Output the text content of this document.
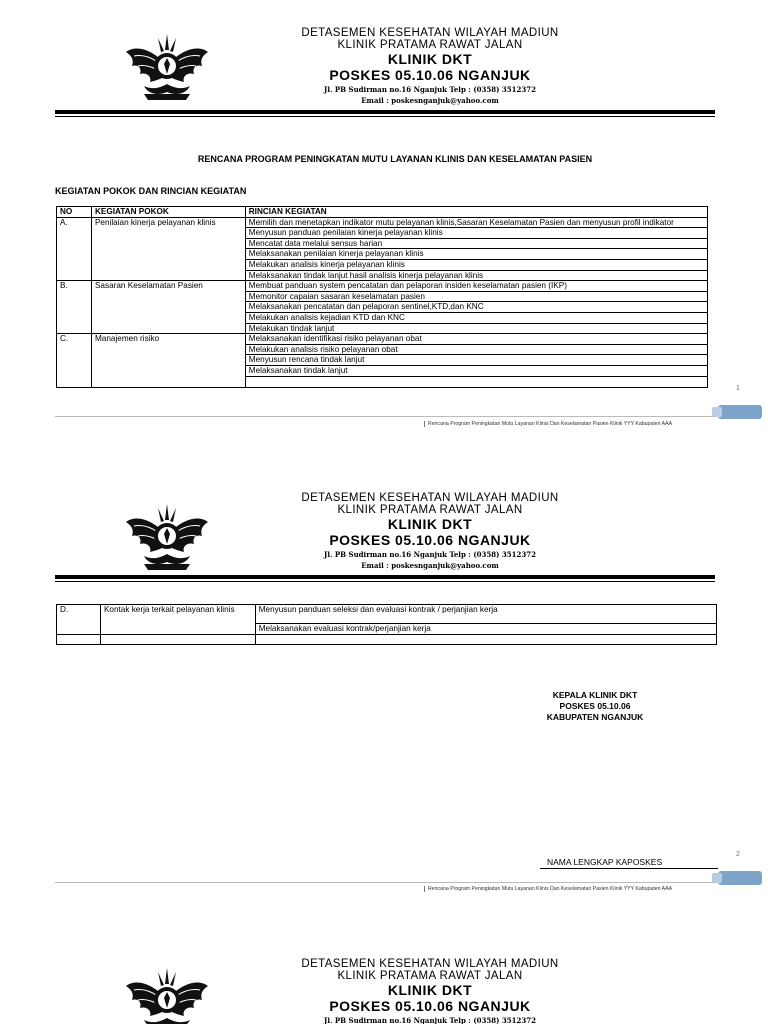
DETASEMEN KESEHATAN WILAYAH MADIUN
KLINIK PRATAMA RAWAT JALAN
KLINIK DKT
POSKES 05.10.06 NGANJUK
Jl. PB Sudirman no.16 Nganjuk Telp : (0358) 3512372
Email : poskesnganjuk@yahoo.com
RENCANA PROGRAM PENINGKATAN MUTU LAYANAN KLINIS DAN KESELAMATAN PASIEN
KEGIATAN POKOK DAN RINCIAN KEGIATAN
NO	KEGIATAN POKOK	RINCIAN KEGIATAN
A.	Penilaian kinerja pelayanan klinis	Memilih dan menetapkan indikator mutu pelayanan klinis,Sasaran Keselamatan Pasien dan menyusun profil indikator
		Menyusun panduan penilaian kinerja pelayanan klinis
		Mencatat data melalui sensus harian
		Melaksanakan penilaian kinerja pelayanan klinis
		Melakukan analisis kinerja pelayanan klinis
		Melaksanakan tindak lanjut hasil analisis kinerja pelayanan klinis
B.	Sasaran Keselamatan Pasien	Membuat panduan system pencatatan dan pelaporan insiden keselamatan pasien (IKP)
		Memonitor capaian sasaran keselamatan pasien
		Melaksanakan pencatatan dan pelaporan sentinel,KTD,dan KNC
		Melakukan analisis kejadian KTD dan KNC
		Melakukan tindak lanjut
C.	Manajemen risiko	Melaksanakan identifikasi risiko pelayanan obat
		Melakukan analisis risiko pelayanan obat
		Menyusun rencana tindak lanjut
		Melaksanakan tindak lanjut

1
Rencana Program Peningkatan Mutu Layanan Klinis Dan Keselamatan Pasien Klinik YYY Kabupaten AAA
DETASEMEN KESEHATAN WILAYAH MADIUN
KLINIK PRATAMA RAWAT JALAN
KLINIK DKT
POSKES 05.10.06 NGANJUK
Jl. PB Sudirman no.16 Nganjuk Telp : (0358) 3512372
Email : poskesnganjuk@yahoo.com
D.	Kontak kerja terkait pelayanan klinis	Menyusun panduan seleksi dan evaluasi kontrak / perjanjian kerja
		Melaksanakan evaluasi kontrak/perjanjian kerja

KEPALA KLINIK DKT
POSKES 05.10.06
KABUPATEN NGANJUK
NAMA LENGKAP KAPOSKES
2
Rencana Program Peningkatan Mutu Layanan Klinis Dan Keselamatan Pasien Klinik YYY Kabupaten AAA
DETASEMEN KESEHATAN WILAYAH MADIUN
KLINIK PRATAMA RAWAT JALAN
KLINIK DKT
POSKES 05.10.06 NGANJUK
Jl. PB Sudirman no.16 Nganjuk Telp : (0358) 3512372
